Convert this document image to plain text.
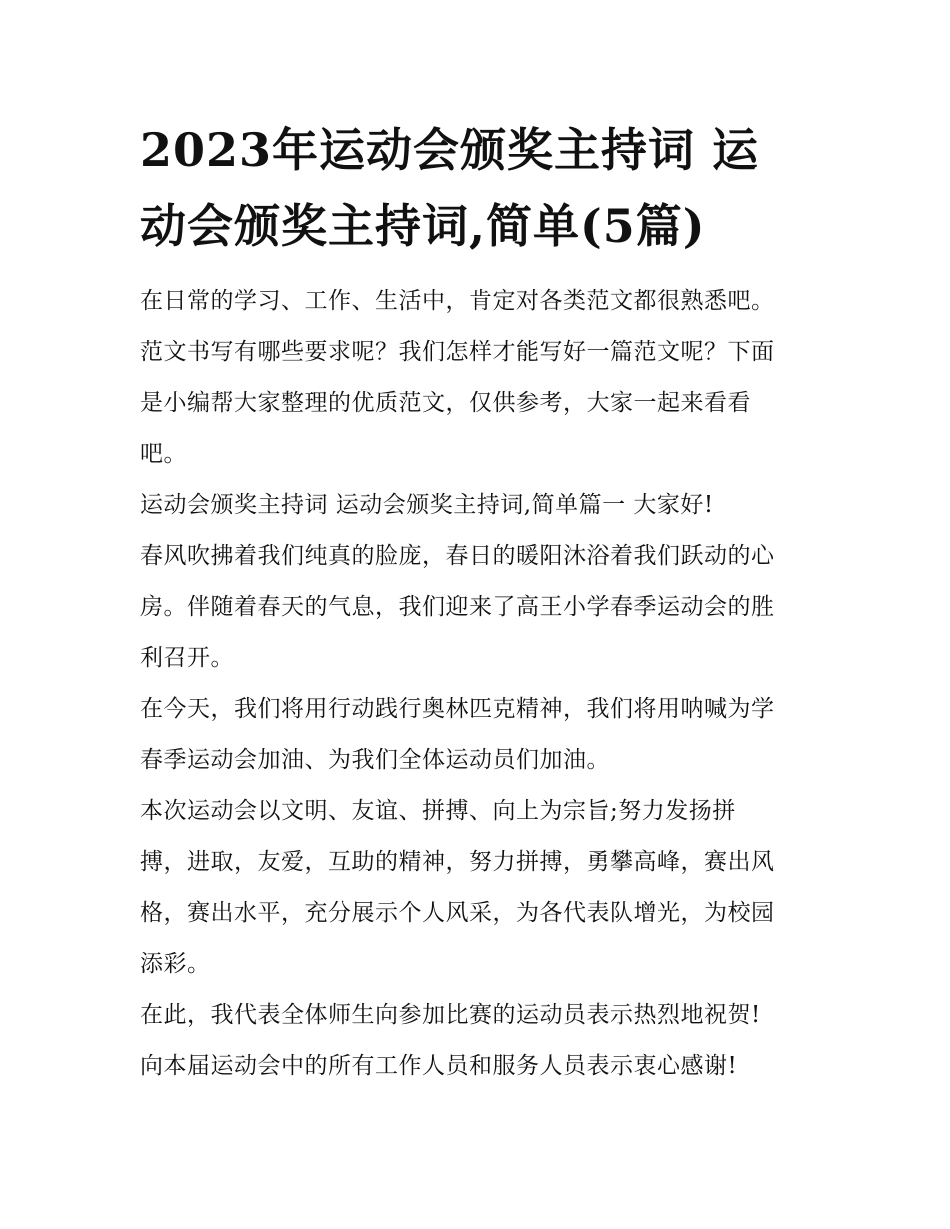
2023年运动会颁奖主持词 运
动会颁奖主持词,简单(5篇)

在日常的学习、工作、生活中，肯定对各类范文都很熟悉吧。
范文书写有哪些要求呢？我们怎样才能写好一篇范文呢？下面
是小编帮大家整理的优质范文，仅供参考，大家一起来看看
吧。

运动会颁奖主持词 运动会颁奖主持词,简单篇一 大家好!

春风吹拂着我们纯真的脸庞，春日的暖阳沐浴着我们跃动的心
房。伴随着春天的气息，我们迎来了高王小学春季运动会的胜
利召开。

在今天，我们将用行动践行奥林匹克精神，我们将用呐喊为学
春季运动会加油、为我们全体运动员们加油。

本次运动会以文明、友谊、拼搏、向上为宗旨;努力发扬拼
搏，进取，友爱，互助的精神，努力拼搏，勇攀高峰，赛出风
格，赛出水平，充分展示个人风采，为各代表队增光，为校园
添彩。

在此，我代表全体师生向参加比赛的运动员表示热烈地祝贺!

向本届运动会中的所有工作人员和服务人员表示衷心感谢!
